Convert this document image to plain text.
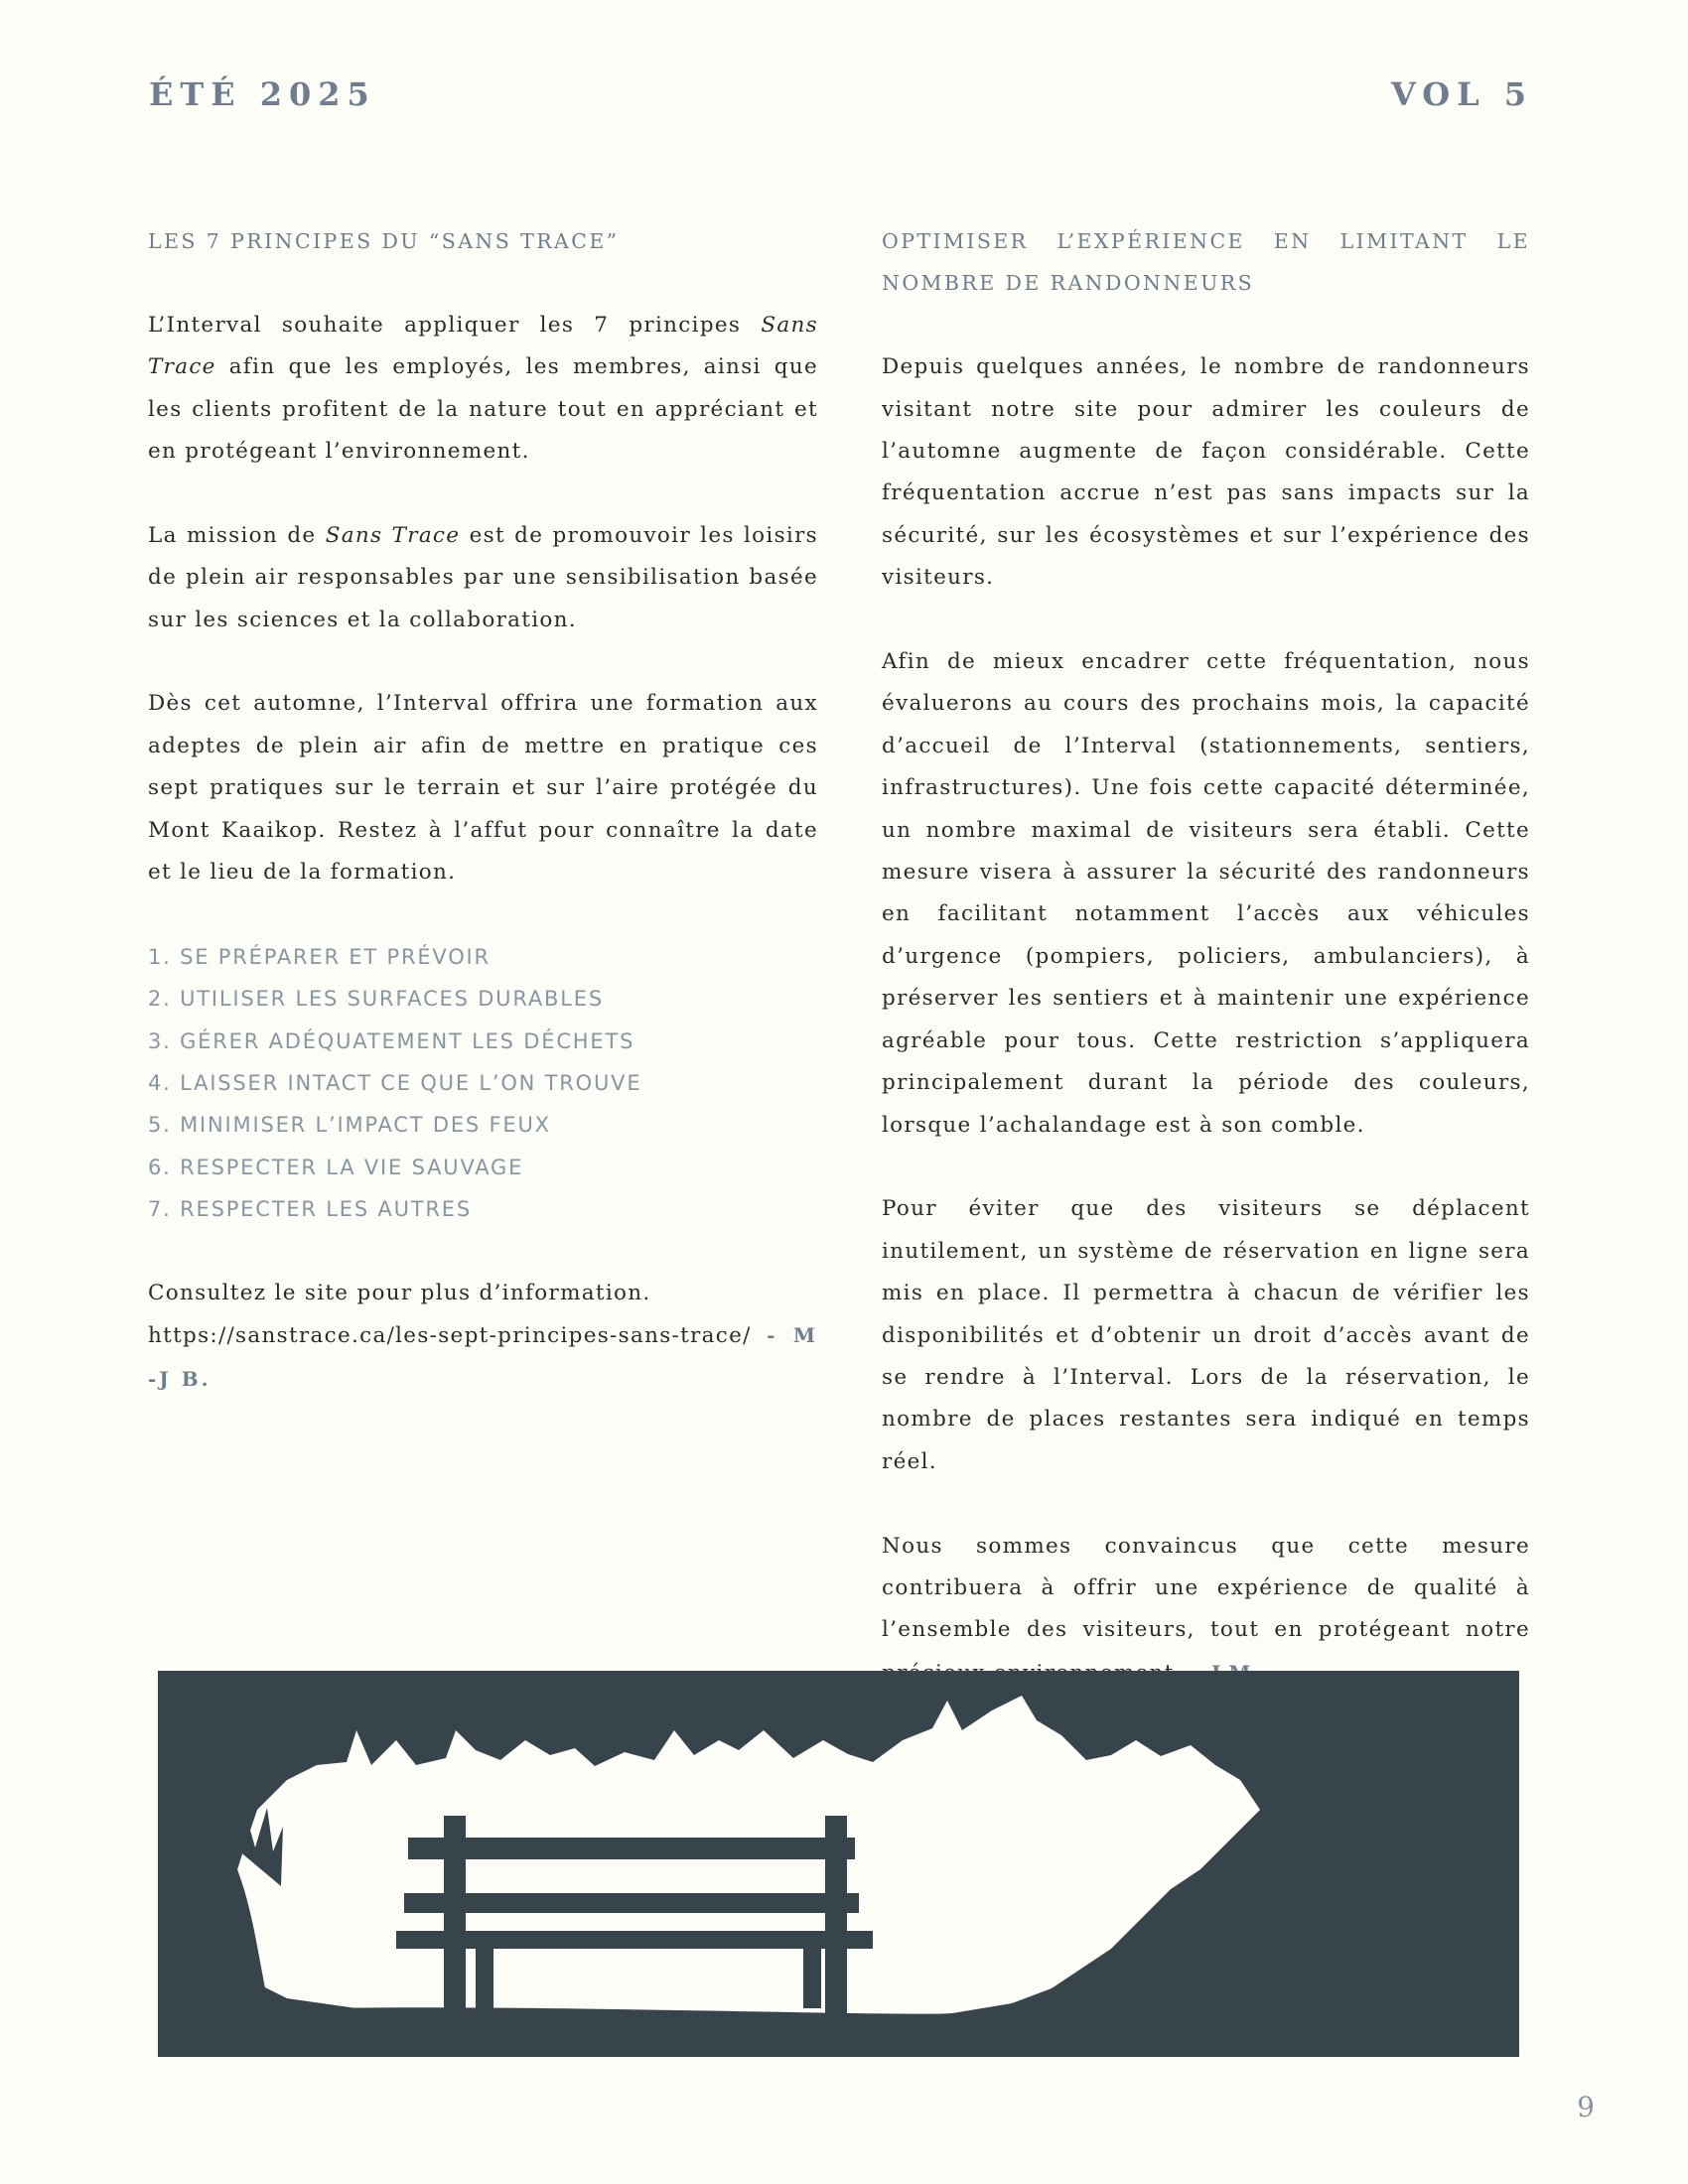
ÉTÉ 2025	VOL 5
LES 7 PRINCIPES DU “SANS TRACE”

L’Interval souhaite appliquer les 7 principes Sans Trace afin que les employés, les membres, ainsi que les clients profitent de la nature tout en appréciant et en protégeant l’environnement.

La mission de Sans Trace est de promouvoir les loisirs de plein air responsables par une sensibilisation basée sur les sciences et la collaboration.

Dès cet automne, l’Interval offrira une formation aux adeptes de plein air afin de mettre en pratique ces sept pratiques sur le terrain et sur l’aire protégée du Mont Kaaikop. Restez à l’affut pour connaître la date et le lieu de la formation.

1. SE PRÉPARER ET PRÉVOIR
2. UTILISER LES SURFACES DURABLES
3. GÉRER ADÉQUATEMENT LES DÉCHETS
4. LAISSER INTACT CE QUE L’ON TROUVE
5. MINIMISER L’IMPACT DES FEUX
6. RESPECTER LA VIE SAUVAGE
7. RESPECTER LES AUTRES
Consultez le site pour plus d’information.
https://sanstrace.ca/les-sept-principes-sans-trace/ - M-J B.
OPTIMISER L’EXPÉRIENCE EN LIMITANT LE NOMBRE DE RANDONNEURS

Depuis quelques années, le nombre de randonneurs visitant notre site pour admirer les couleurs de l’automne augmente de façon considérable. Cette fréquentation accrue n’est pas sans impacts sur la sécurité, sur les écosystèmes et sur l’expérience des visiteurs.

Afin de mieux encadrer cette fréquentation, nous évaluerons au cours des prochains mois, la capacité d’accueil de l’Interval (stationnements, sentiers, infrastructures). Une fois cette capacité déterminée, un nombre maximal de visiteurs sera établi. Cette mesure visera à assurer la sécurité des randonneurs en facilitant notamment l’accès aux véhicules d’urgence (pompiers, policiers, ambulanciers), à préserver les sentiers et à maintenir une expérience agréable pour tous. Cette restriction s’appliquera principalement durant la période des couleurs, lorsque l’achalandage est à son comble.

Pour éviter que des visiteurs se déplacent inutilement, un système de réservation en ligne sera mis en place. Il permettra à chacun de vérifier les disponibilités et d’obtenir un droit d’accès avant de se rendre à l’Interval. Lors de la réservation, le nombre de places restantes sera indiqué en temps réel.

Nous sommes convaincus que cette mesure contribuera à offrir une expérience de qualité à l’ensemble des visiteurs, tout en protégeant notre

9
